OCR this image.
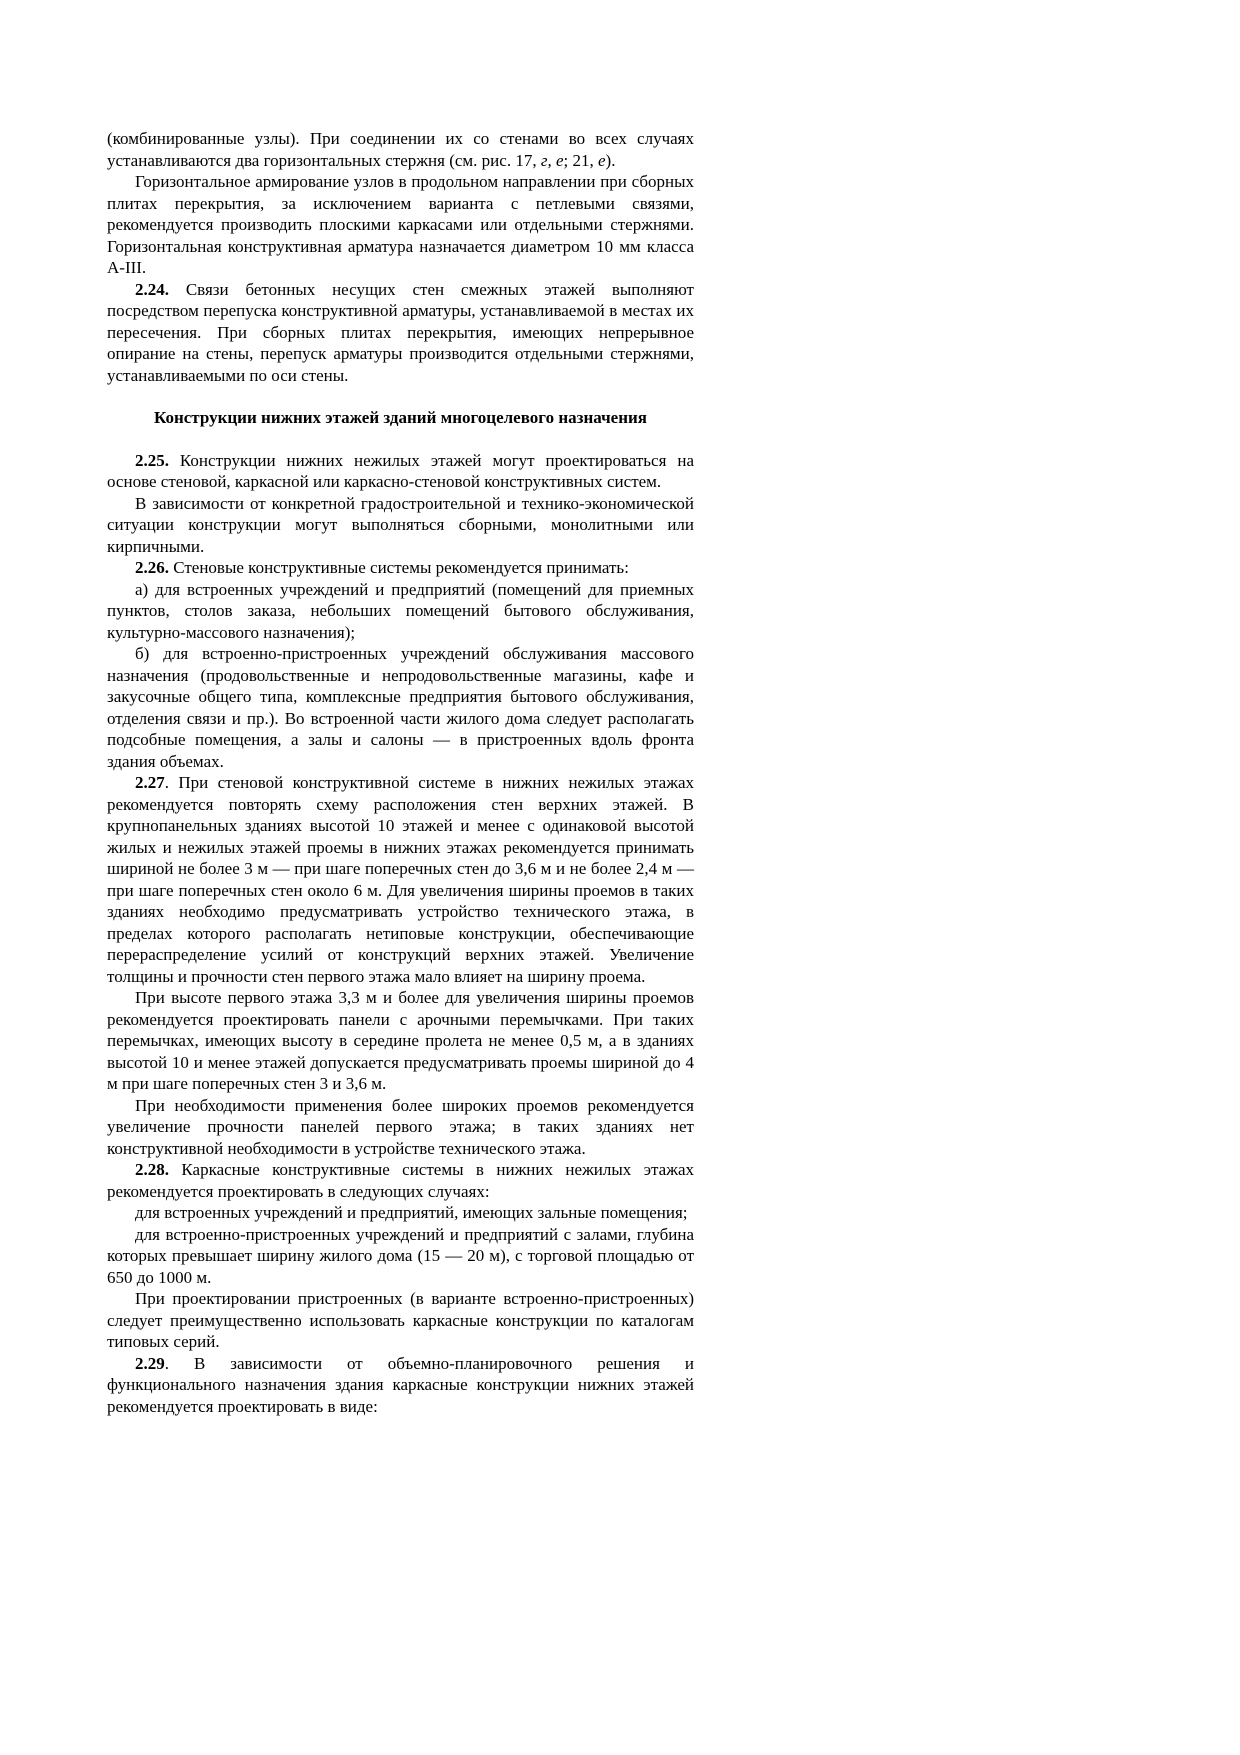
(комбинированные узлы). При соединении их со стенами во всех случаях устанавливаются два горизонтальных стержня (см. рис. 17, г, е; 21, е).

Горизонтальное армирование узлов в продольном направлении при сборных плитах перекрытия, за исключением варианта с петлевыми связями, рекомендуется производить плоскими каркасами или отдельными стержнями. Горизонтальная конструктивная арматура назначается диаметром 10 мм класса А-III.

2.24. Связи бетонных несущих стен смежных этажей выполняют посредством перепуска конструктивной арматуры, устанавливаемой в местах их пересечения. При сборных плитах перекрытия, имеющих непрерывное опирание на стены, перепуск арматуры производится отдельными стержнями, устанавливаемыми по оси стены.

Конструкции нижних этажей зданий многоцелевого назначения

2.25. Конструкции нижних нежилых этажей могут проектироваться на основе стеновой, каркасной или каркасно-стеновой конструктивных систем.

В зависимости от конкретной градостроительной и технико-экономической ситуации конструкции могут выполняться сборными, монолитными или кирпичными.

2.26. Стеновые конструктивные системы рекомендуется принимать:

а) для встроенных учреждений и предприятий (помещений для приемных пунктов, столов заказа, небольших помещений бытового обслуживания, культурно-массового назначения);

б) для встроенно-пристроенных учреждений обслуживания массового назначения (продовольственные и непродовольственные магазины, кафе и закусочные общего типа, комплексные предприятия бытового обслуживания, отделения связи и пр.). Во встроенной части жилого дома следует располагать подсобные помещения, а залы и салоны — в пристроенных вдоль фронта здания объемах.

2.27. При стеновой конструктивной системе в нижних нежилых этажах рекомендуется повторять схему расположения стен верхних этажей. В крупнопанельных зданиях высотой 10 этажей и менее с одинаковой высотой жилых и нежилых этажей проемы в нижних этажах рекомендуется принимать шириной не более 3 м — при шаге поперечных стен до 3,6 м и не более 2,4 м — при шаге поперечных стен около 6 м. Для увеличения ширины проемов в таких зданиях необходимо предусматривать устройство технического этажа, в пределах которого располагать нетиповые конструкции, обеспечивающие перераспределение усилий от конструкций верхних этажей. Увеличение толщины и прочности стен первого этажа мало влияет на ширину проема.

При высоте первого этажа 3,3 м и более для увеличения ширины проемов рекомендуется проектировать панели с арочными перемычками. При таких перемычках, имеющих высоту в середине пролета не менее 0,5 м, а в зданиях высотой 10 и менее этажей допускается предусматривать проемы шириной до 4 м при шаге поперечных стен 3 и 3,6 м.

При необходимости применения более широких проемов рекомендуется увеличение прочности панелей первого этажа; в таких зданиях нет конструктивной необходимости в устройстве технического этажа.

2.28. Каркасные конструктивные системы в нижних нежилых этажах рекомендуется проектировать в следующих случаях:

для встроенных учреждений и предприятий, имеющих зальные помещения;

для встроенно-пристроенных учреждений и предприятий с залами, глубина которых превышает ширину жилого дома (15 — 20 м), с торговой площадью от 650 до 1000 м.

При проектировании пристроенных (в варианте встроенно-пристроенных) следует преимущественно использовать каркасные конструкции по каталогам типовых серий.

2.29. В зависимости от объемно-планировочного решения и функционального назначения здания каркасные конструкции нижних этажей рекомендуется проектировать в виде:
